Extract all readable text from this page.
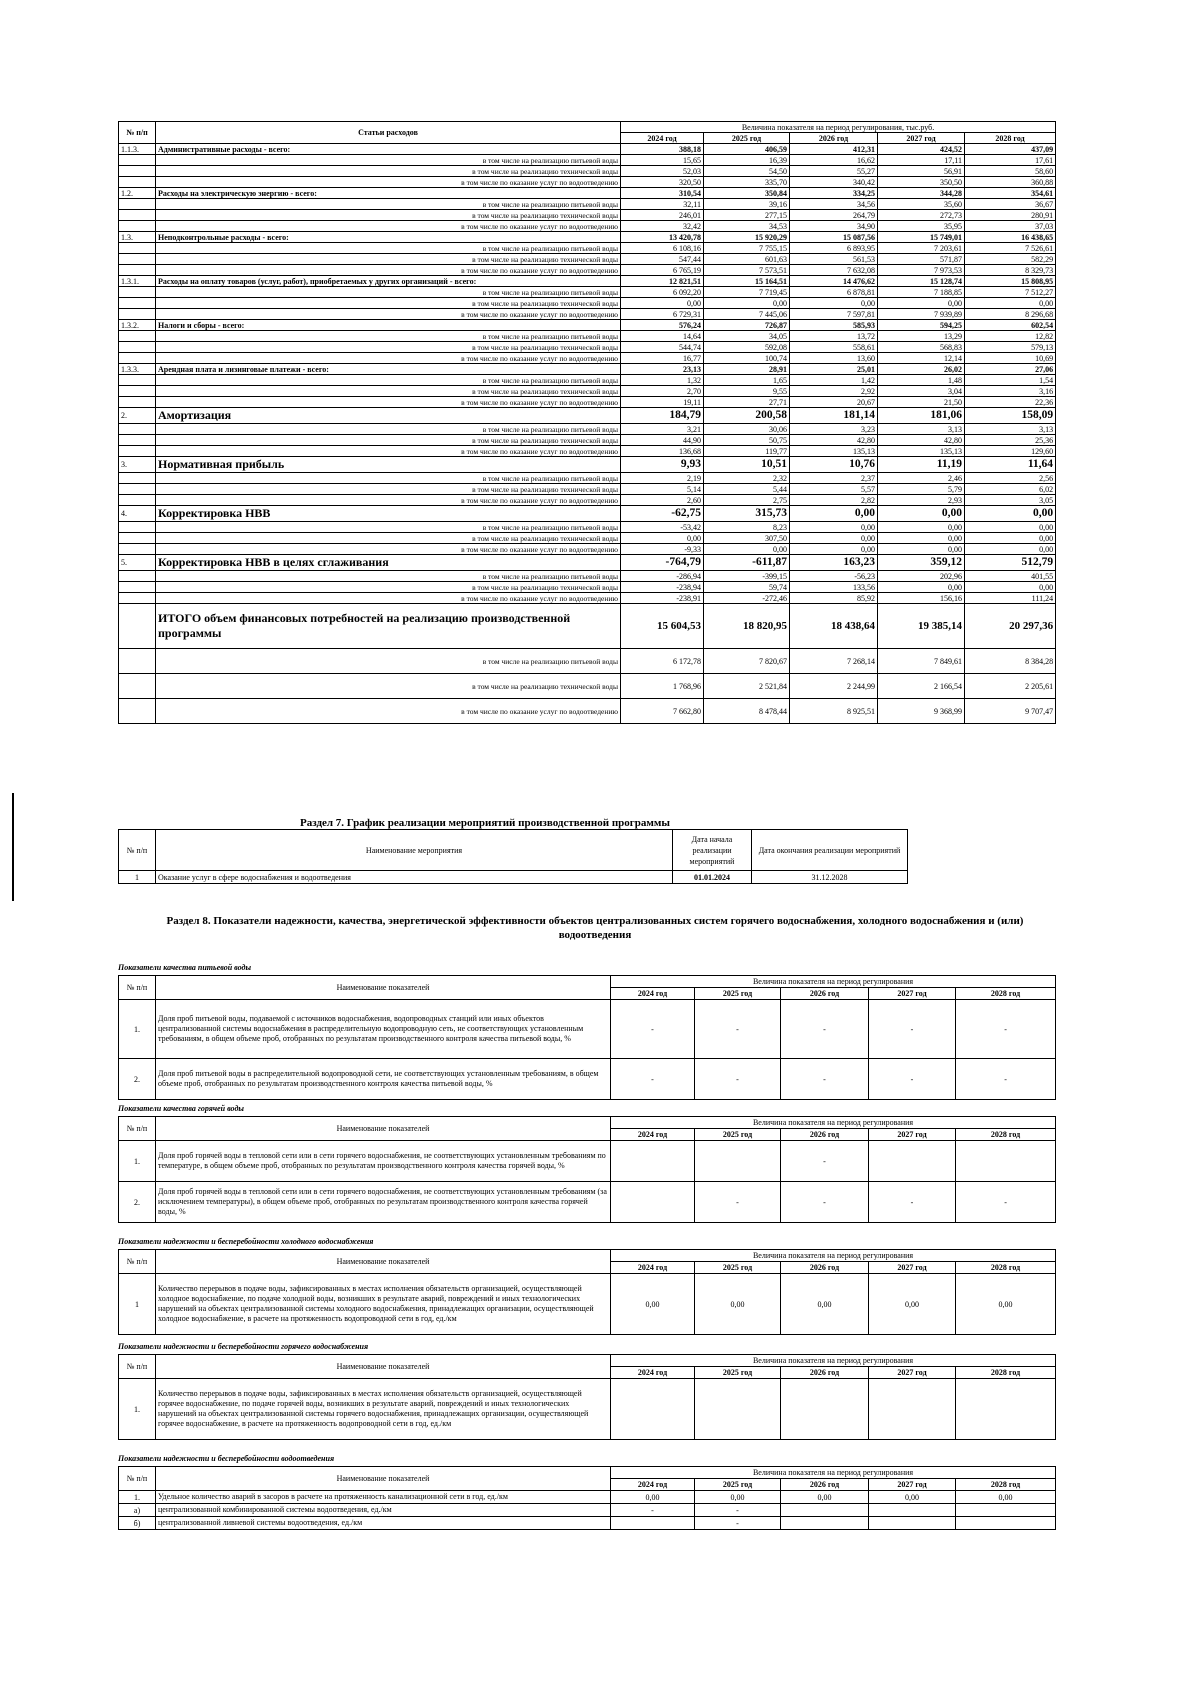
№ п/п	Статьи расходов	Величина показателя на период регулирования, тыс.руб.				
		2024 год	2025 год	2026 год	2027 год	2028 год
1.1.3.	Административные расходы - всего:	388,18	406,59	412,31	424,52	437,09
	в том числе на реализацию питьевой воды	15,65	16,39	16,62	17,11	17,61
	в том числе на реализацию технической воды	52,03	54,50	55,27	56,91	58,60
	в том числе по оказание услуг по водоотведению	320,50	335,70	340,42	350,50	360,88
1.2.	Расходы на электрическую энергию - всего:	310,54	350,84	334,25	344,28	354,61
	в том числе на реализацию питьевой воды	32,11	39,16	34,56	35,60	36,67
	в том числе на реализацию технической воды	246,01	277,15	264,79	272,73	280,91
	в том числе по оказание услуг по водоотведению	32,42	34,53	34,90	35,95	37,03
1.3.	Неподконтрольные расходы - всего:	13 420,78	15 920,29	15 087,56	15 749,01	16 438,65
	в том числе на реализацию питьевой воды	6 108,16	7 755,15	6 893,95	7 203,61	7 526,61
	в том числе на реализацию технической воды	547,44	601,63	561,53	571,87	582,29
	в том числе по оказание услуг по водоотведению	6 765,19	7 573,51	7 632,08	7 973,53	8 329,73
1.3.1.	Расходы на оплату товаров (услуг, работ), приобретаемых у других организаций - всего:	12 821,51	15 164,51	14 476,62	15 128,74	15 808,95
	в том числе на реализацию питьевой воды	6 092,20	7 719,45	6 878,81	7 188,85	7 512,27
	в том числе на реализацию технической воды	0,00	0,00	0,00	0,00	0,00
	в том числе по оказание услуг по водоотведению	6 729,31	7 445,06	7 597,81	7 939,89	8 296,68
1.3.2.	Налоги и сборы - всего:	576,24	726,87	585,93	594,25	602,54
	в том числе на реализацию питьевой воды	14,64	34,05	13,72	13,29	12,82
	в том числе на реализацию технической воды	544,74	592,08	558,61	568,83	579,13
	в том числе по оказание услуг по водоотведению	16,77	100,74	13,60	12,14	10,69
1.3.3.	Арендная плата и лизинговые платежи - всего:	23,13	28,91	25,01	26,02	27,06
	в том числе на реализацию питьевой воды	1,32	1,65	1,42	1,48	1,54
	в том числе на реализацию технической воды	2,70	9,55	2,92	3,04	3,16
	в том числе по оказание услуг по водоотведению	19,11	27,71	20,67	21,50	22,36
2.	Амортизация	184,79	200,58	181,14	181,06	158,09
	в том числе на реализацию питьевой воды	3,21	30,06	3,23	3,13	3,13
	в том числе на реализацию технической воды	44,90	50,75	42,80	42,80	25,36
	в том числе по оказание услуг по водоотведению	136,68	119,77	135,13	135,13	129,60
3.	Нормативная прибыль	9,93	10,51	10,76	11,19	11,64
	в том числе на реализацию питьевой воды	2,19	2,32	2,37	2,46	2,56
	в том числе на реализацию технической воды	5,14	5,44	5,57	5,79	6,02
	в том числе по оказание услуг по водоотведению	2,60	2,75	2,82	2,93	3,05
4.	Корректировка НВВ	-62,75	315,73	0,00	0,00	0,00
	в том числе на реализацию питьевой воды	-53,42	8,23	0,00	0,00	0,00
	в том числе на реализацию технической воды	0,00	307,50	0,00	0,00	0,00
	в том числе по оказание услуг по водоотведению	-9,33	0,00	0,00	0,00	0,00
5.	Корректировка НВВ в целях сглаживания	-764,79	-611,87	163,23	359,12	512,79
	в том числе на реализацию питьевой воды	-286,94	-399,15	-56,23	202,96	401,55
	в том числе на реализацию технической воды	-238,94	59,74	133,56	0,00	0,00
	в том числе по оказание услуг по водоотведению	-238,91	-272,46	85,92	156,16	111,24
	ИТОГО объем финансовых потребностей на реализацию производственной программы	15 604,53	18 820,95	18 438,64	19 385,14	20 297,36
	в том числе на реализацию питьевой воды	6 172,78	7 820,67	7 268,14	7 849,61	8 384,28
	в том числе на реализацию технической воды	1 768,96	2 521,84	2 244,99	2 166,54	2 205,61
	в том числе по оказание услуг по водоотведению	7 662,80	8 478,44	8 925,51	9 368,99	9 707,47
Раздел 7. График реализации мероприятий производственной программы
№ п/п	Наименование мероприятия	Дата начала реализации мероприятий	Дата окончания реализации мероприятий
1	Оказание услуг в сфере водоснабжения и водоотведения	01.01.2024	31.12.2028
Раздел 8. Показатели надежности, качества, энергетической эффективности объектов централизованных систем горячего водоснабжения, холодного водоснабжения и (или) водоотведения
Показатели качества питьевой воды
№ п/п	Наименование показателей	Величина показателя на период регулирования				
		2024 год	2025 год	2026 год	2027 год	2028 год
1.	Доля проб питьевой воды, подаваемой с источников водоснабжения, водопроводных станций или иных объектов централизованной системы водоснабжения в распределительную водопроводную сеть, не соответствующих установленным требованиям, в общем объеме проб, отобранных по результатам производственного контроля качества питьевой воды, %	-	-	-	-	-
2.	Доля проб питьевой воды в распределительной водопроводной сети, не соответствующих установленным требованиям, в общем объеме проб, отобранных по результатам производственного контроля качества питьевой воды, %	-	-	-	-	-
Показатели качества горячей воды
№ п/п	Наименование показателей	Величина показателя на период регулирования				
		2024 год	2025 год	2026 год	2027 год	2028 год
1.	Доля проб горячей воды в тепловой сети или в сети горячего водоснабжения, не соответствующих установленным требованиям по температуре, в общем объеме проб, отобранных по результатам производственного контроля качества горячей воды, %			-		
2.	Доля проб горячей воды в тепловой сети или в сети горячего водоснабжения, не соответствующих установленным требованиям (за исключением температуры), в общем объеме проб, отобранных по результатам производственного контроля качества горячей воды, %		-	-	-	-
Показатели надежности и бесперебойности холодного водоснабжения
№ п/п	Наименование показателей	Величина показателя на период регулирования				
		2024 год	2025 год	2026 год	2027 год	2028 год
1	Количество перерывов в подаче воды, зафиксированных в местах исполнения обязательств организацией, осуществляющей холодное водоснабжение, по подаче холодной воды, возникших в результате аварий, повреждений и иных технологических нарушений на объектах централизованной системы холодного водоснабжения, принадлежащих организации, осуществляющей холодное водоснабжение, в расчете на протяженность водопроводной сети в год, ед./км	0,00	0,00	0,00	0,00	0,00
Показатели надежности и бесперебойности горячего водоснабжения
№ п/п	Наименование показателей	Величина показателя на период регулирования				
		2024 год	2025 год	2026 год	2027 год	2028 год
1.	Количество перерывов в подаче воды, зафиксированных в местах исполнения обязательств организацией, осуществляющей горячее водоснабжение, по подаче горячей воды, возникших в результате аварий, повреждений и иных технологических нарушений на объектах централизованной системы горячего водоснабжения, принадлежащих организации, осуществляющей горячее водоснабжение, в расчете на протяженность водопроводной сети в год, ед./км					
Показатели надежности и бесперебойности водоотведения
№ п/п	Наименование показателей	Величина показателя на период регулирования				
		2024 год	2025 год	2026 год	2027 год	2028 год
1.	Удельное количество аварий в засоров в расчете на протяженность канализационной сети в год, ед./км	0,00	0,00	0,00	0,00	0,00
а)	централизованной комбинированной системы водоотведения, ед./км	-	-			
б)	централизованной ливневой системы водоотведения, ед./км		-			
